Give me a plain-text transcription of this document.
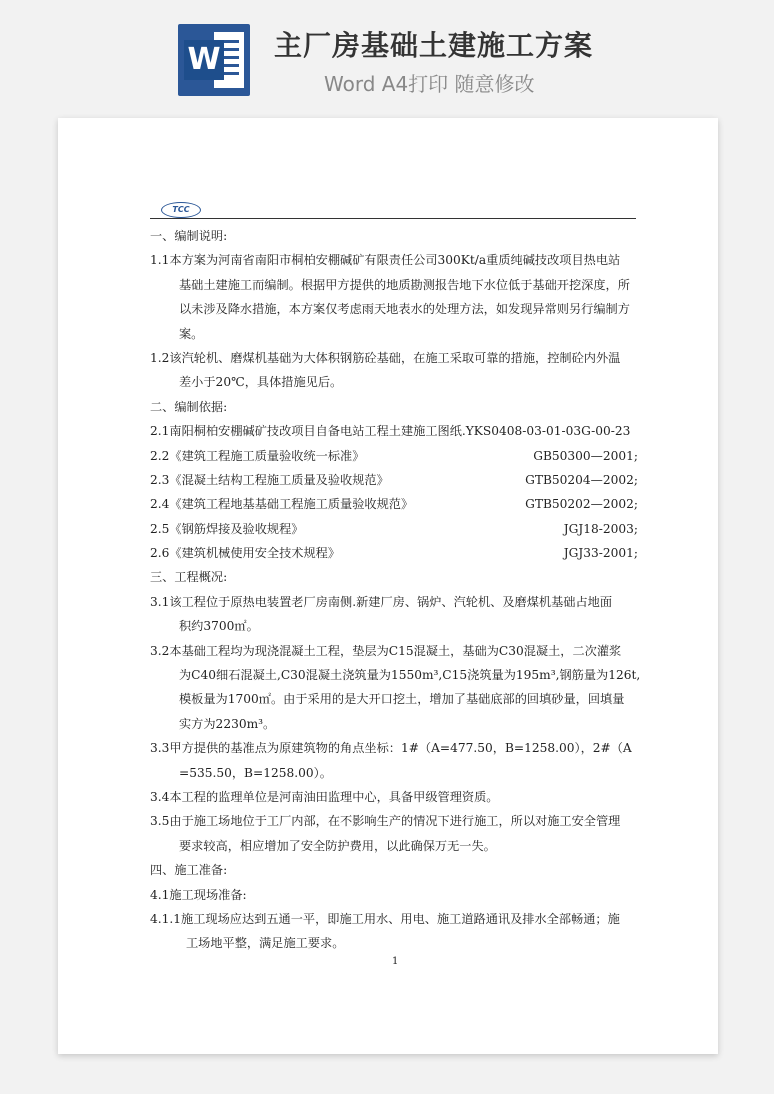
W 主厂房基础土建施工方案
Word A4打印 随意修改
TCC
一、编制说明:
1.1本方案为河南省南阳市桐柏安棚碱矿有限责任公司300Kt/a重质纯碱技改项目热电站
基础土建施工而编制。根据甲方提供的地质勘测报告地下水位低于基础开挖深度，所
以未涉及降水措施，本方案仅考虑雨天地表水的处理方法，如发现异常则另行编制方
案。
1.2该汽轮机、磨煤机基础为大体积钢筋砼基础，在施工采取可靠的措施，控制砼内外温
差小于20℃，具体措施见后。
二、编制依据:
2.1南阳桐柏安棚碱矿技改项目自备电站工程土建施工图纸.YKS0408-03-01-03G-00-23
2.2《建筑工程施工质量验收统一标准》	GB50300—2001;
2.3《混凝土结构工程施工质量及验收规范》	GTB50204—2002;
2.4《建筑工程地基基础工程施工质量验收规范》	GTB50202—2002;
2.5《钢筋焊接及验收规程》	JGJ18-2003;
2.6《建筑机械使用安全技术规程》	JGJ33-2001;
三、工程概况:
3.1该工程位于原热电装置老厂房南侧.新建厂房、锅炉、汽轮机、及磨煤机基础占地面
积约3700㎡。
3.2本基础工程均为现浇混凝土工程，垫层为C15混凝土，基础为C30混凝土，二次灌浆
为C40细石混凝土,C30混凝土浇筑量为1550m³,C15浇筑量为195m³,钢筋量为126t,
模板量为1700㎡。由于采用的是大开口挖土，增加了基础底部的回填砂量，回填量
实方为2230m³。
3.3甲方提供的基准点为原建筑物的角点坐标：1#（A=477.50，B=1258.00），2#（A
=535.50，B=1258.00）。
3.4本工程的监理单位是河南油田监理中心，具备甲级管理资质。
3.5由于施工场地位于工厂内部，在不影响生产的情况下进行施工，所以对施工安全管理
要求较高，相应增加了安全防护费用，以此确保万无一失。
四、施工准备:
4.1施工现场准备:
4.1.1施工现场应达到五通一平，即施工用水、用电、施工道路通讯及排水全部畅通；施
工场地平整，满足施工要求。
1
